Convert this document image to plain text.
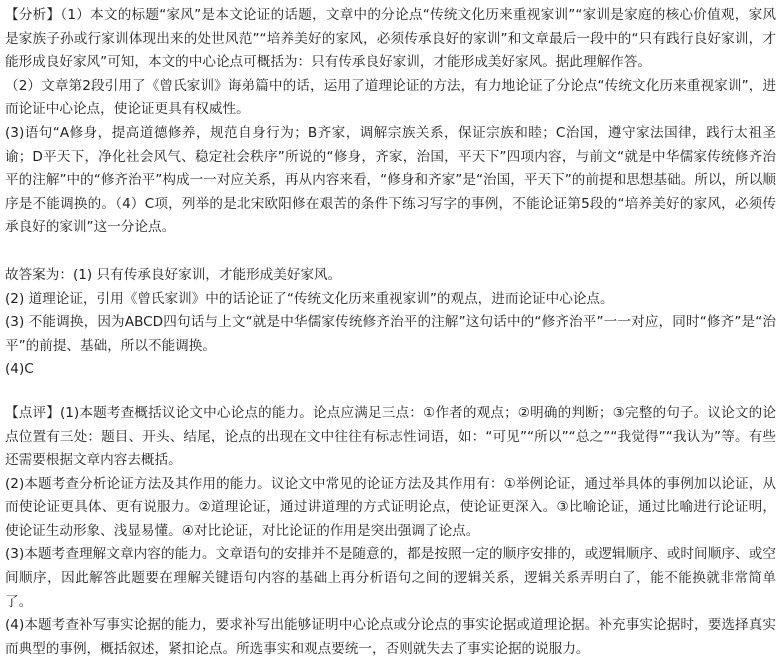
【分析】（1）本文的标题“家风”是本文论证的话题，文章中的分论点“传统文化历来重视家训”“家训是家庭的核心价值观，家风是家族子孙或行家训体现出来的处世风范”“培养美好的家风，必须传承良好的家训”和文章最后一段中的“只有践行良好家训，才能形成良好家风”可知，本文的中心论点可概括为：只有传承良好家训，才能形成美好家风。据此理解作答。

（2）文章第2段引用了《曾氏家训》诲弟篇中的话，运用了道理论证的方法，有力地论证了分论点“传统文化历来重视家训”，进而论证中心论点，使论证更具有权威性。

(3)语句“A修身，提高道德修养，规范自身行为；B齐家，调解宗族关系，保证宗族和睦；C治国，遵守家法国律，践行太祖圣谕；D平天下，净化社会风气、稳定社会秩序”所说的“修身，齐家，治国，平天下”四项内容，与前文“就是中华儒家传统修齐治平的注解”中的“修齐治平”构成一一对应关系，再从内容来看，“修身和齐家”是“治国，平天下”的前提和思想基础。所以，所以顺序是不能调换的。（4）C项，列举的是北宋欧阳修在艰苦的条件下练习写字的事例，不能论证第5段的“培养美好的家风，必须传承良好的家训”这一分论点。

故答案为：(1) 只有传承良好家训，才能形成美好家风。

(2) 道理论证，引用《曾氏家训》中的话论证了“传统文化历来重视家训”的观点，进而论证中心论点。

(3) 不能调换，因为ABCD四句话与上文“就是中华儒家传统修齐治平的注解”这句话中的“修齐治平”一一对应，同时“修齐”是“治平”的前提、基础，所以不能调换。

(4)C

【点评】(1)本题考查概括议论文中心论点的能力。论点应满足三点：①作者的观点；②明确的判断；③完整的句子。议论文的论点位置有三处：题目、开头、结尾，论点的出现在文中往往有标志性词语，如：“可见”“所以”“总之”“我觉得”“我认为”等。有些还需要根据文章内容去概括。

(2)本题考查分析论证方法及其作用的能力。议论文中常见的论证方法及其作用有：①举例论证，通过举具体的事例加以论证，从而使论证更具体、更有说服力。②道理论证，通过讲道理的方式证明论点，使论证更深入。③比喻论证，通过比喻进行论证明，使论证生动形象、浅显易懂。④对比论证，对比论证的作用是突出强调了论点。

(3)本题考查理解文章内容的能力。文章语句的安排并不是随意的，都是按照一定的顺序安排的，或逻辑顺序、或时间顺序、或空间顺序，因此解答此题要在理解关键语句内容的基础上再分析语句之间的逻辑关系，逻辑关系弄明白了，能不能换就非常简单了。

(4)本题考查补写事实论据的能力，要求补写出能够证明中心论点或分论点的事实论据或道理论据。补充事实论据时，要选择真实而典型的事例，概括叙述，紧扣论点。所选事实和观点要统一，否则就失去了事实论据的说服力。
